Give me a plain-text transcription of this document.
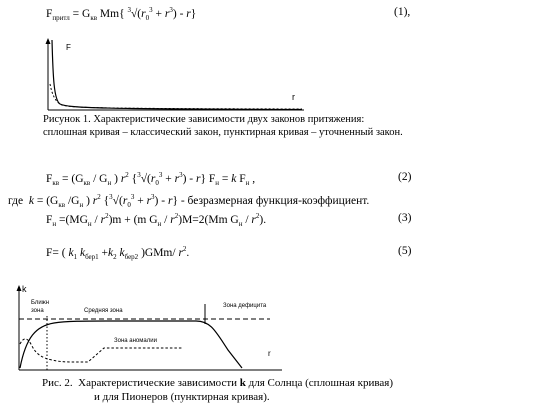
$F_{притл} = G_{кв}$ Mm{ $^3√(r_0^3 + r^3) - r$}	(1),
F
r
Рисунок 1. Характеристические зависимости двух законов притяжения:
сплошная кривая – классический закон, пунктирная кривая – уточненный закон.
$F_{кв} = (G_{кв} / G_н$ ) $r^2$ $\{^3√(r_0^3 + r^3) - r\} F_н = k$ $F_н$ ,	(2)
где  $k = (G_{кв}$ $/G_н$ ) $r^2$ $\{^3√(r_0^3 + r^3) - r\}$ - безразмерная функция-коэффициент.
$F_н =(MG_н / r^2)m + (m$ $G_н / r^2)M=2(Mm$ $G_н / r^2$).	(3)
F= ( $k_1$ $k_{бер1} +k_2$ $k_{бер2}$ )GMm/ $r^2$.	(5)
k
r
Ближн
зона	Средняя зона
Зона дефицита
Зона аномалии
Рис. 2.  Характеристические зависимости k для Солнца (сплошная кривая)
и для Пионеров (пунктирная кривая).
